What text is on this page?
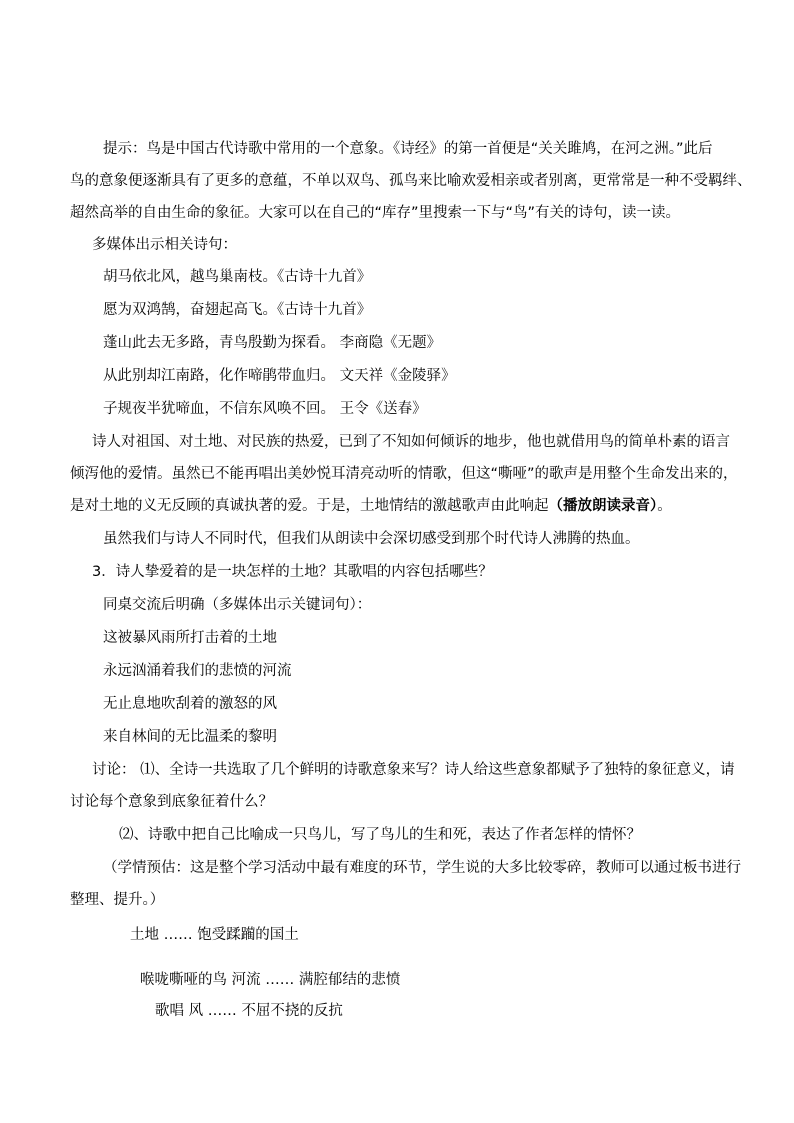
提示：鸟是中国古代诗歌中常用的一个意象。《诗经》的第一首便是“关关雎鸠，在河之洲。”此后
鸟的意象便逐渐具有了更多的意蕴，不单以双鸟、孤鸟来比喻欢爱相亲或者别离，更常常是一种不受羁绊、
超然高举的自由生命的象征。大家可以在自己的“库存”里搜索一下与“鸟”有关的诗句，读一读。
多媒体出示相关诗句：
胡马依北风，越鸟巢南枝。《古诗十九首》
愿为双鸿鹄，奋翅起高飞。《古诗十九首》
蓬山此去无多路，青鸟殷勤为探看。 李商隐《无题》
从此别却江南路，化作啼鹃带血归。 文天祥《金陵驿》
子规夜半犹啼血，不信东风唤不回。 王令《送春》
诗人对祖国、对土地、对民族的热爱，已到了不知如何倾诉的地步，他也就借用鸟的简单朴素的语言
倾泻他的爱情。虽然已不能再唱出美妙悦耳清亮动听的情歌，但这“嘶哑”的歌声是用整个生命发出来的，
是对土地的义无反顾的真诚执著的爱。于是，土地情结的激越歌声由此响起（播放朗读录音）。
虽然我们与诗人不同时代，但我们从朗读中会深切感受到那个时代诗人沸腾的热血。
3．诗人挚爱着的是一块怎样的土地？其歌唱的内容包括哪些？
同桌交流后明确（多媒体出示关键词句）：
这被暴风雨所打击着的土地
永远汹涌着我们的悲愤的河流
无止息地吹刮着的激怒的风
来自林间的无比温柔的黎明
讨论： ⑴、全诗一共选取了几个鲜明的诗歌意象来写？诗人给这些意象都赋予了独特的象征意义，请
讨论每个意象到底象征着什么？
⑵、诗歌中把自己比喻成一只鸟儿，写了鸟儿的生和死，表达了作者怎样的情怀？
（学情预估：这是整个学习活动中最有难度的环节，学生说的大多比较零碎，教师可以通过板书进行
整理、提升。）
土地 …… 饱受蹂躏的国土
喉咙嘶哑的鸟 河流 …… 满腔郁结的悲愤
歌唱 风 …… 不屈不挠的反抗
